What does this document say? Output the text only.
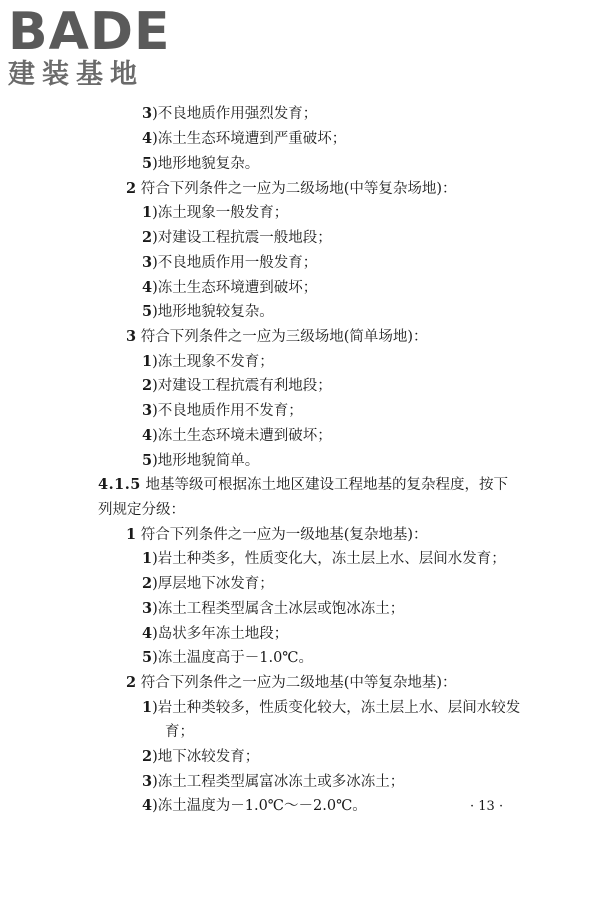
BADE
建装基地
3)不良地质作用强烈发育；
4)冻土生态环境遭到严重破坏；
5)地形地貌复杂。
2 符合下列条件之一应为二级场地(中等复杂场地)：
1)冻土现象一般发育；
2)对建设工程抗震一般地段；
3)不良地质作用一般发育；
4)冻土生态环境遭到破坏；
5)地形地貌较复杂。
3 符合下列条件之一应为三级场地(简单场地)：
1)冻土现象不发育；
2)对建设工程抗震有利地段；
3)不良地质作用不发育；
4)冻土生态环境未遭到破坏；
5)地形地貌简单。
4.1.5 地基等级可根据冻土地区建设工程地基的复杂程度，按下
列规定分级：
1 符合下列条件之一应为一级地基(复杂地基)：
1)岩土种类多，性质变化大，冻土层上水、层间水发育；
2)厚层地下冰发育；
3)冻土工程类型属含土冰层或饱冰冻土；
4)岛状多年冻土地段；
5)冻土温度高于－1.0℃。
2 符合下列条件之一应为二级地基(中等复杂地基)：
1)岩土种类较多，性质变化较大，冻土层上水、层间水较发
育；
2)地下冰较发育；
3)冻土工程类型属富冰冻土或多冰冻土；
4)冻土温度为－1.0℃～－2.0℃。	· 13 ·
